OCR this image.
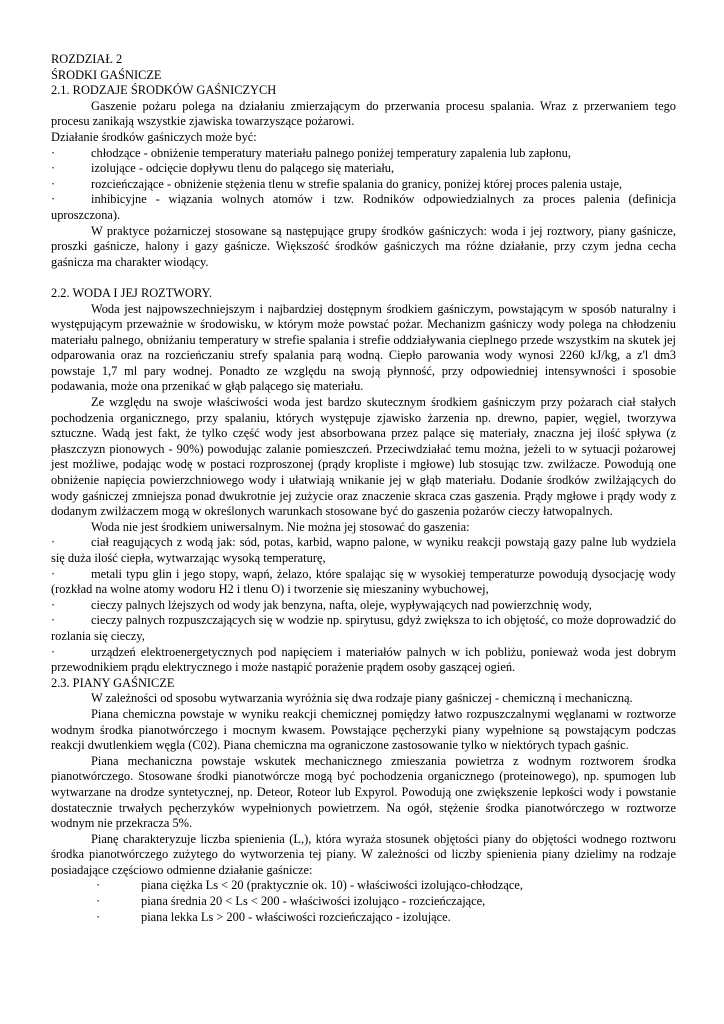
ROZDZIAŁ 2
ŚRODKI GAŚNICZE
2.1. RODZAJE ŚRODKÓW GAŚNICZYCH

Gaszenie pożaru polega na działaniu zmierzającym do przerwania procesu spalania. Wraz z przerwaniem tego procesu zanikają wszystkie zjawiska towarzyszące pożarowi.

Działanie środków gaśniczych może być:

·	chłodzące - obniżenie temperatury materiału palnego poniżej temperatury zapalenia lub zapłonu,
·	izolujące - odcięcie dopływu tlenu do palącego się materiału,
·	rozcieńczające - obniżenie stężenia tlenu w strefie spalania do granicy, poniżej której proces palenia ustaje,
·	inhibicyjne - wiązania wolnych atomów i tzw. Rodników odpowiedzialnych za proces palenia (definicja uproszczona).

W praktyce pożarniczej stosowane są następujące grupy środków gaśniczych: woda i jej roztwory, piany gaśnicze, proszki gaśnicze, halony i gazy gaśnicze. Większość środków gaśniczych ma różne działanie, przy czym jedna cecha gaśnicza ma charakter wiodący.

2.2. WODA I JEJ ROZTWORY.

Woda jest najpowszechniejszym i najbardziej dostępnym środkiem gaśniczym, powstającym w sposób naturalny i występującym przeważnie w środowisku, w którym może powstać pożar. Mechanizm gaśniczy wody polega na chłodzeniu materiału palnego, obniżaniu temperatury w strefie spalania i strefie oddziaływania cieplnego przede wszystkim na skutek jej odparowania oraz na rozcieńczaniu strefy spalania parą wodną. Ciepło parowania wody wynosi 2260 kJ/kg, a z'l dm3 powstaje 1,7 ml pary wodnej. Ponadto ze względu na swoją płynność, przy odpowiedniej intensywności i sposobie podawania, może ona przenikać w głąb palącego się materiału.

Ze względu na swoje właściwości woda jest bardzo skutecznym środkiem gaśniczym przy pożarach ciał stałych pochodzenia organicznego, przy spalaniu, których występuje zjawisko żarzenia np. drewno, papier, węgiel, tworzywa sztuczne. Wadą jest fakt, że tylko część wody jest absorbowana przez palące się materiały, znaczna jej ilość spływa (z płaszczyzn pionowych - 90%) powodując zalanie pomieszczeń. Przeciwdziałać temu można, jeżeli to w sytuacji pożarowej jest możliwe, podając wodę w postaci rozproszonej (prądy kropliste i mgłowe) lub stosując tzw. zwilżacze. Powodują one obniżenie napięcia powierzchniowego wody i ułatwiają wnikanie jej w głąb materiału. Dodanie środków zwilżających do wody gaśniczej zmniejsza ponad dwukrotnie jej zużycie oraz znaczenie skraca czas gaszenia. Prądy mgłowe i prądy wody z dodanym zwilżaczem mogą w określonych warunkach stosowane być do gaszenia pożarów cieczy łatwopalnych.

Woda nie jest środkiem uniwersalnym. Nie można jej stosować do gaszenia:

·	ciał reagujących z wodą jak: sód, potas, karbid, wapno palone, w wyniku reakcji powstają gazy palne lub wydziela się duża ilość ciepła, wytwarzając wysoką temperaturę,
·	metali typu glin i jego stopy, wapń, żelazo, które spalając się w wysokiej temperaturze powodują dysocjację wody (rozkład na wolne atomy wodoru H2 i tlenu O) i tworzenie się mieszaniny wybuchowej,
·	cieczy palnych lżejszych od wody jak benzyna, nafta, oleje, wypływających nad powierzchnię wody,
·	cieczy palnych rozpuszczających się w wodzie np. spirytusu, gdyż zwiększa to ich objętość, co może doprowadzić do rozlania się cieczy,
·	urządzeń elektroenergetycznych pod napięciem i materiałów palnych w ich pobliżu, ponieważ woda jest dobrym przewodnikiem prądu elektrycznego i może nastąpić porażenie prądem osoby gaszącej ogień.
2.3. PIANY GAŚNICZE

W zależności od sposobu wytwarzania wyróżnia się dwa rodzaje piany gaśniczej - chemiczną i mechaniczną.

Piana chemiczna powstaje w wyniku reakcji chemicznej pomiędzy łatwo rozpuszczalnymi węglanami w roztworze wodnym środka pianotwórczego i mocnym kwasem. Powstające pęcherzyki piany wypełnione są powstającym podczas reakcji dwutlenkiem węgla (C02). Piana chemiczna ma ograniczone zastosowanie tylko w niektórych typach gaśnic.

Piana mechaniczna powstaje wskutek mechanicznego zmieszania powietrza z wodnym roztworem środka pianotwórczego. Stosowane środki pianotwórcze mogą być pochodzenia organicznego (proteinowego), np. spumogen lub wytwarzane na drodze syntetycznej, np. Deteor, Roteor lub Expyrol. Powodują one zwiększenie lepkości wody i powstanie dostatecznie trwałych pęcherzyków wypełnionych powietrzem. Na ogół, stężenie środka pianotwórczego w roztworze wodnym nie przekracza 5%.

Pianę charakteryzuje liczba spienienia (L,), która wyraża stosunek objętości piany do objętości wodnego roztworu środka pianotwórczego zużytego do wytworzenia tej piany. W zależności od liczby spienienia piany dzielimy na rodzaje posiadające częściowo odmienne działanie gaśnicze:

·	piana ciężka Ls < 20 (praktycznie ok. 10) - właściwości izolująco-chłodzące,
·	piana średnia 20 < Ls < 200 - właściwości izolująco - rozcieńczające,
·	piana lekka Ls > 200 - właściwości rozcieńczająco - izolujące.
